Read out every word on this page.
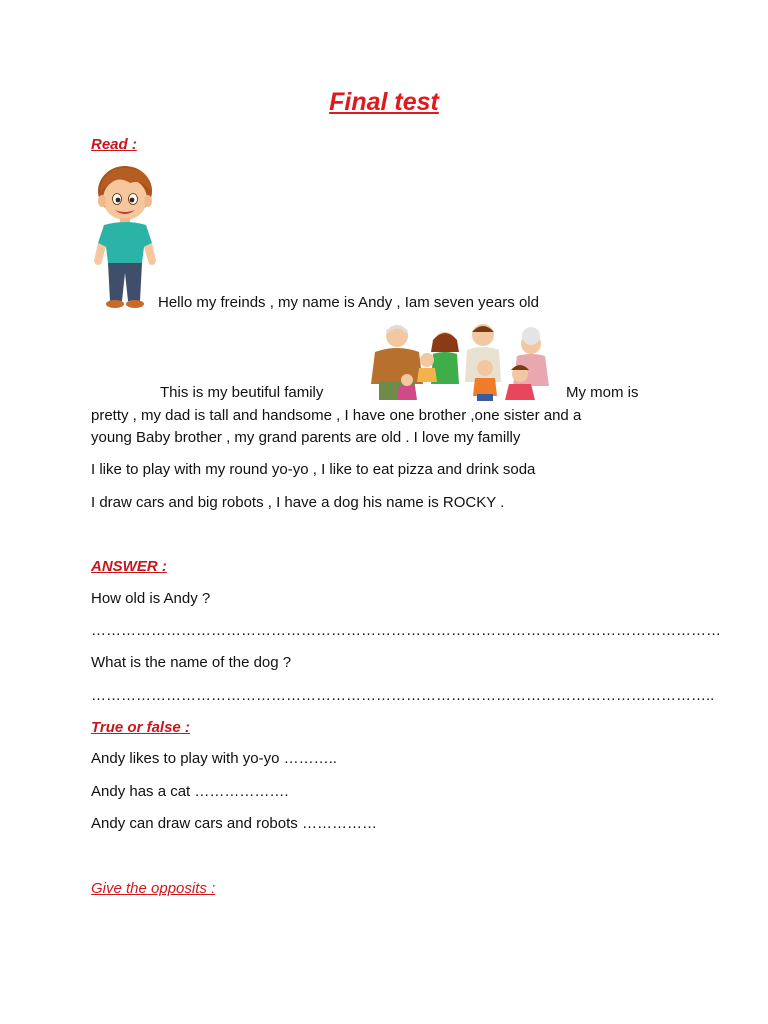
Final test
Read :
Hello my freinds , my name is Andy , Iam seven years old
This is my beutiful family	My mom is
pretty , my dad is tall and handsome , I have one brother ,one sister and a
young Baby brother , my grand parents are old . I love my familly
I like to play with my round yo-yo , I like to eat pizza and drink soda
I draw cars and big robots , I have a dog his name is ROCKY .
ANSWER :
How old is Andy ?
………………………………………………………………………………………………………………
What is the name of the dog ?
……………………………………………………………………………………………………………..
True or false :
Andy likes to play with yo-yo ………..
Andy has a cat ……………….
Andy can draw cars and robots ……………
Give the opposits :
